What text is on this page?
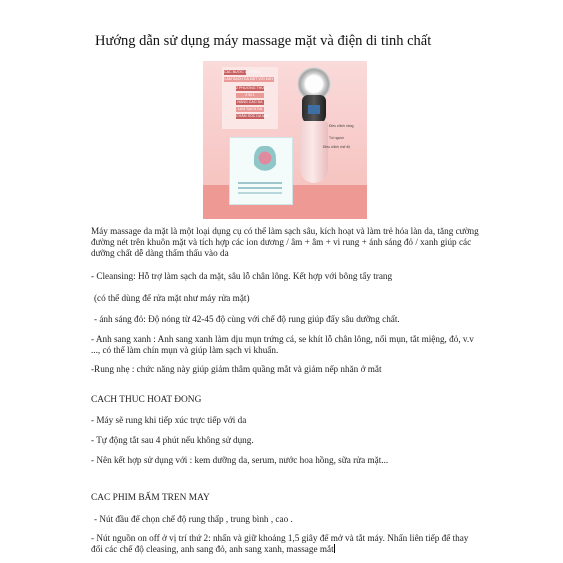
Hướng dẫn sử dụng máy massage mặt và điện di tinh chất
CÁC BƯỚC CƠ BẢN
LÀM SẠCH DA MẶT VỚI MÁY
2 PHƯƠNG THỨC
2 IN 1
NÂNG CAO DA
LÀM SẠCH DA
CHĂM SÓC DA MẶT
Điều chỉnh nâng
Túi nguồn
Điều chỉnh chế độ
Máy massage da mặt là một loại dụng cụ có thể làm sạch sâu, kích hoạt và làm trẻ hóa làn da, tăng cường
đường nét trên khuôn mặt và tích hợp các ion dương / âm + âm + vi rung + ánh sáng đỏ / xanh giúp các
dưỡng chất dễ dàng thẩm thấu vào da
- Cleansing: Hỗ trợ làm sạch da mặt, sâu lỗ chân lông. Kết hợp với bông tẩy trang
(có thể dùng để rửa mặt như máy rửa mặt)
- ánh sáng đỏ: Độ nóng từ 42-45 độ cùng với chế độ rung giúp đẩy sâu dưỡng chất.
- Anh sang xanh : Anh sang xanh làm dịu mụn trứng cá, se khít lỗ chân lông, nổi mụn, tắt miệng, đỏ, v.v
..., có thể làm chín mụn và giúp làm sạch vi khuẩn.
-Rung nhẹ : chức năng này giúp giảm thâm quầng mắt và giảm nếp nhăn ở mắt
CACH THUC HOAT ĐONG
- Máy sẽ rung khi tiếp xúc trực tiếp với da
- Tự động tắt sau 4 phút nếu không sử dụng.
- Nên kết hợp sử dụng với : kem dưỡng da, serum, nước hoa hồng, sữa rửa mặt...
CAC PHIM BẤM TREN MAY
- Nút đầu để chọn chế độ rung thấp , trung bình , cao .
- Nút nguồn on off ở vị trí thứ 2: nhấn và giữ khoảng 1,5 giây để mở và tắt máy. Nhấn liên tiếp để thay
đổi các chế độ cleasing, anh sang đỏ, anh sang xanh, massage mắt
